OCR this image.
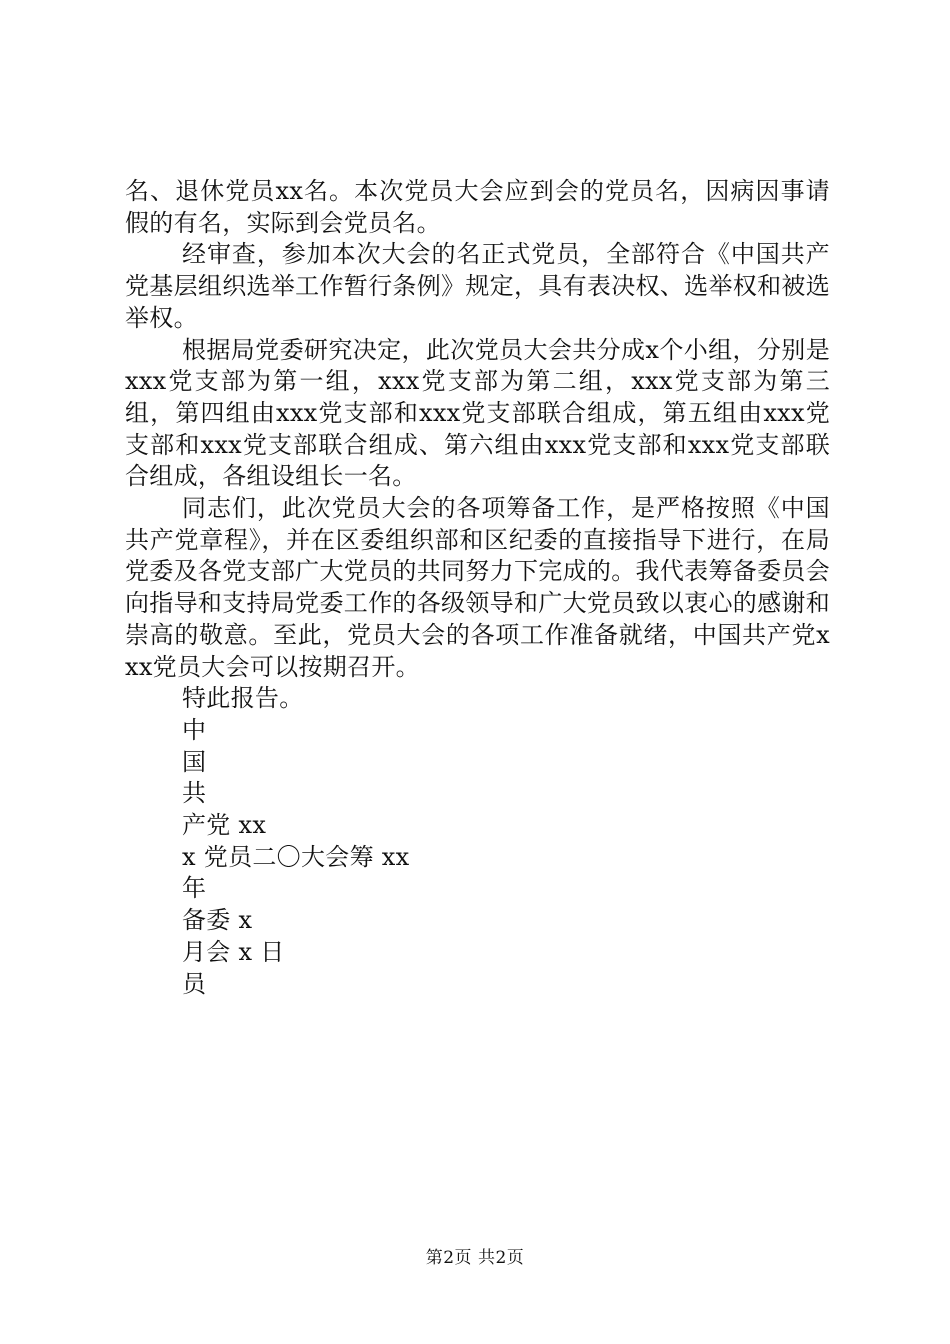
名、退休党员xx名。本次党员大会应到会的党员名，因病因事请假的有名，实际到会党员名。

经审查，参加本次大会的名正式党员，全部符合《中国共产党基层组织选举工作暂行条例》规定，具有表决权、选举权和被选举权。

根据局党委研究决定，此次党员大会共分成x个小组，分别是xxx党支部为第一组，xxx党支部为第二组，xxx党支部为第三组，第四组由xxx党支部和xxx党支部联合组成，第五组由xxx党支部和xxx党支部联合组成、第六组由xxx党支部和xxx党支部联合组成，各组设组长一名。

同志们，此次党员大会的各项筹备工作，是严格按照《中国共产党章程》，并在区委组织部和区纪委的直接指导下进行，在局党委及各党支部广大党员的共同努力下完成的。我代表筹备委员会向指导和支持局党委工作的各级领导和广大党员致以衷心的感谢和崇高的敬意。至此，党员大会的各项工作准备就绪，中国共产党xxx党员大会可以按期召开。

特此报告。

中

国

共

产党 xx

x 党员二〇大会筹 xx

年

备委 x

月会 x 日

员

第2页 共2页
